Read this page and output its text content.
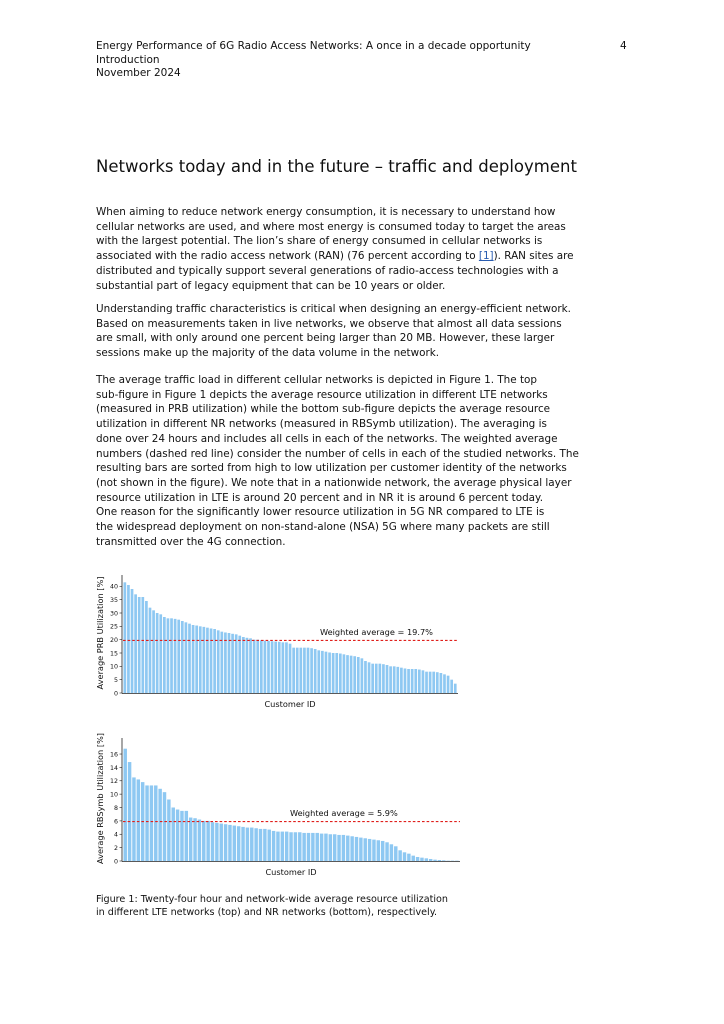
Energy Performance of 6G Radio Access Networks: A once in a decade opportunity
Introduction
November 2024
4
Networks today and in the future – traffic and deployment

When aiming to reduce network energy consumption, it is necessary to understand how
cellular networks are used, and where most energy is consumed today to target the areas
with the largest potential. The lion’s share of energy consumed in cellular networks is
associated with the radio access network (RAN) (76 percent according to [1]). RAN sites are
distributed and typically support several generations of radio-access technologies with a
substantial part of legacy equipment that can be 10 years or older.

Understanding traffic characteristics is critical when designing an energy-efficient network.
Based on measurements taken in live networks, we observe that almost all data sessions
are small, with only around one percent being larger than 20 MB. However, these larger
sessions make up the majority of the data volume in the network.

The average traffic load in different cellular networks is depicted in Figure 1. The top
sub-figure in Figure 1 depicts the average resource utilization in different LTE networks
(measured in PRB utilization) while the bottom sub-figure depicts the average resource
utilization in different NR networks (measured in RBSymb utilization). The averaging is
done over 24 hours and includes all cells in each of the networks. The weighted average
numbers (dashed red line) consider the number of cells in each of the studied networks. The
resulting bars are sorted from high to low utilization per customer identity of the networks
(not shown in the figure). We note that in a nationwide network, the average physical layer
resource utilization in LTE is around 20 percent and in NR it is around 6 percent today.
One reason for the significantly lower resource utilization in 5G NR compared to LTE is
the widespread deployment on non-stand-alone (NSA) 5G where many packets are still
transmitted over the 4G connection.

0
5
10
15
20
25
30
35
40
Weighted average = 19.7%
Customer ID
Average PRB Utilization [%]
0
2
4
6
8
10
12
14
16
Weighted average = 5.9%
Customer ID
Average RBSymb Utilization [%]
Figure 1: Twenty-four hour and network-wide average resource utilization
in different LTE networks (top) and NR networks (bottom), respectively.
